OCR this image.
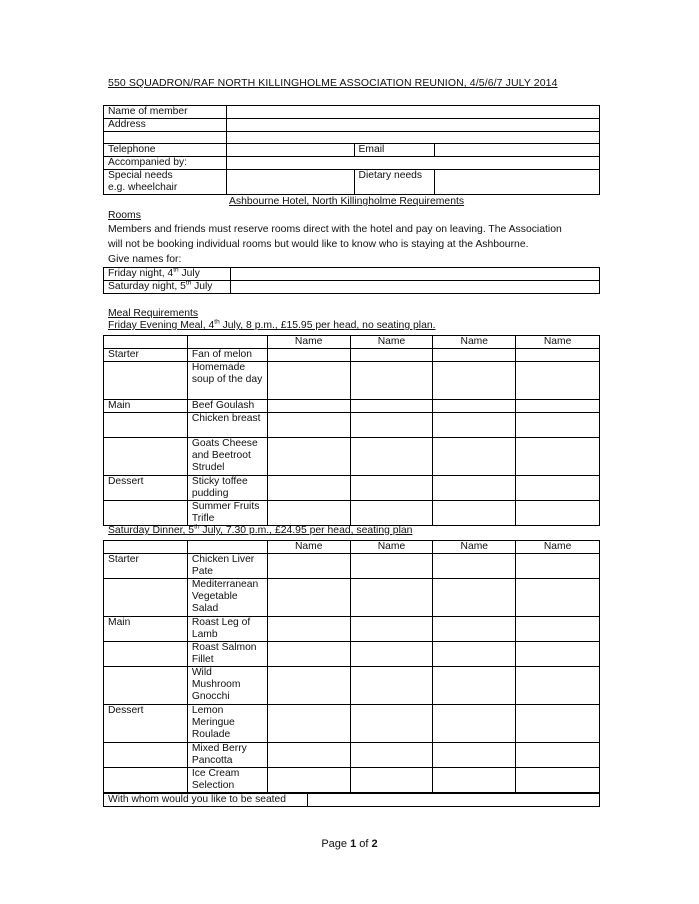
550 SQUADRON/RAF NORTH KILLINGHOLME ASSOCIATION REUNION, 4/5/6/7 JULY 2014
Name of member			
Address			

Telephone		Email	
Accompanied by:			

Special needs
e.g. wheelchair		Dietary needs	
Ashbourne Hotel, North Killingholme Requirements
Rooms
Members and friends must reserve rooms direct with the hotel and pay on leaving. The Association
will not be booking individual rooms but would like to know who is staying at the Ashbourne.
Give names for:
Friday night, 4th July	
Saturday night, 5th July	
Meal Requirements
Friday Evening Meal, 4th July, 8 p.m., £15.95 per head, no seating plan.
		Name	Name	Name	Name
Starter	Fan of melon				
	Homemade soup of the day				
Main	Beef Goulash				
	Chicken breast				
	Goats Cheese and Beetroot Strudel				
Dessert	Sticky toffee pudding				
	Summer Fruits Trifle				
Saturday Dinner, 5th July, 7.30 p.m., £24.95 per head, seating plan
		Name	Name	Name	Name
Starter	Chicken Liver Pate				
	Mediterranean Vegetable Salad				
Main	Roast Leg of Lamb				
	Roast Salmon Fillet				
	Wild Mushroom Gnocchi				
Dessert	Lemon Meringue Roulade				
	Mixed Berry Pancotta				
	Ice Cream Selection				
With whom would you like to be seated	
Page 1 of 2
